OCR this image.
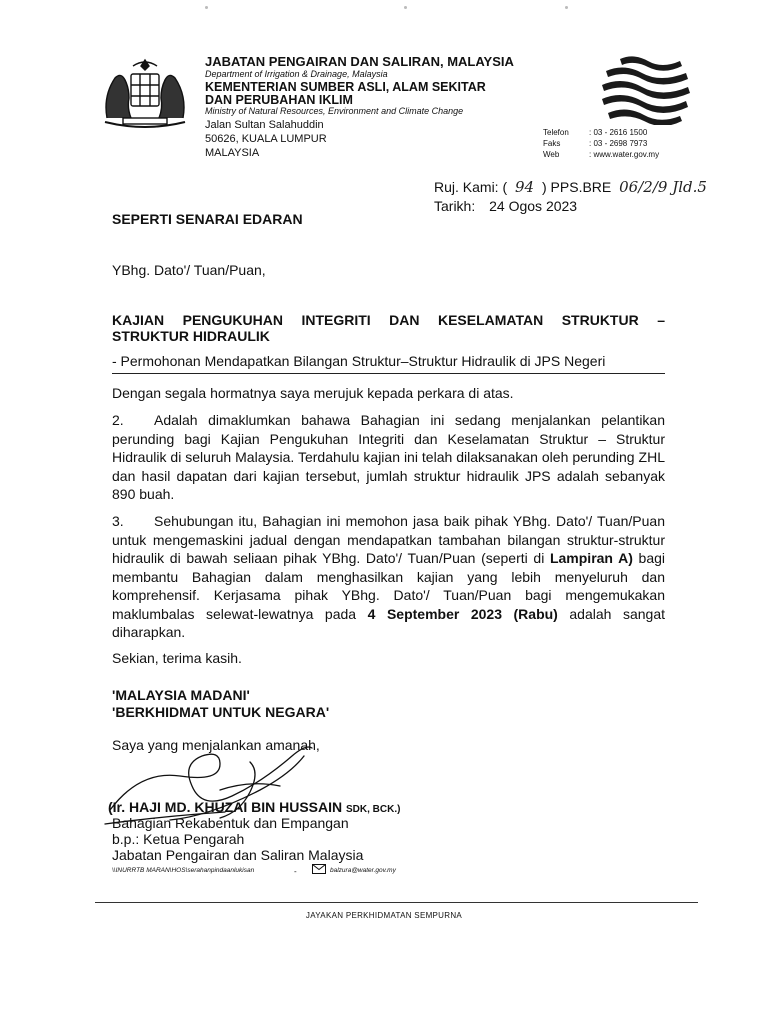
JABATAN PENGAIRAN DAN SALIRAN, MALAYSIA
Department of Irrigation & Drainage, Malaysia
KEMENTERIAN SUMBER ASLI, ALAM SEKITAR
DAN PERUBAHAN IKLIM
Ministry of Natural Resources, Environment and Climate Change
Jalan Sultan Salahuddin
50626, KUALA LUMPUR
MALAYSIA
Telefon	: 03 - 2616 1500
Faks	: 03 - 2698 7973
Web	: www.water.gov.my
Ruj. Kami: ( 94 ) PPS.BRE 06/2/9 Jld.5
Tarikh: 24 Ogos 2023
SEPERTI SENARAI EDARAN
YBhg. Dato'/ Tuan/Puan,
KAJIAN PENGUKUHAN INTEGRITI DAN KESELAMATAN STRUKTUR –
STRUKTUR HIDRAULIK
- Permohonan Mendapatkan Bilangan Struktur–Struktur Hidraulik di JPS Negeri
Dengan segala hormatnya saya merujuk kepada perkara di atas.
2. Adalah dimaklumkan bahawa Bahagian ini sedang menjalankan pelantikan perunding bagi Kajian Pengukuhan Integriti dan Keselamatan Struktur – Struktur Hidraulik di seluruh Malaysia. Terdahulu kajian ini telah dilaksanakan oleh perunding ZHL dan hasil dapatan dari kajian tersebut, jumlah struktur hidraulik JPS adalah sebanyak 890 buah.
3. Sehubungan itu, Bahagian ini memohon jasa baik pihak YBhg. Dato'/ Tuan/Puan untuk mengemaskini jadual dengan mendapatkan tambahan bilangan struktur-struktur hidraulik di bawah seliaan pihak YBhg. Dato'/ Tuan/Puan (seperti di Lampiran A) bagi membantu Bahagian dalam menghasilkan kajian yang lebih menyeluruh dan komprehensif. Kerjasama pihak YBhg. Dato'/ Tuan/Puan bagi mengemukakan maklumbalas selewat-lewatnya pada 4 September 2023 (Rabu) adalah sangat diharapkan.
Sekian, terima kasih.
'MALAYSIA MADANI'
'BERKHIDMAT UNTUK NEGARA'
Saya yang menjalankan amanah,
(Ir. HAJI MD. KHUZAI BIN HUSSAIN SDK, BCK.)
Bahagian Rekabentuk dan Empangan
b.p.: Ketua Pengarah
Jabatan Pengairan dan Saliran Malaysia
\\INURRTB MARAN\HOS\serahanpindaanlukisan	-	balzura@water.gov.my
JAYAKAN PERKHIDMATAN SEMPURNA
